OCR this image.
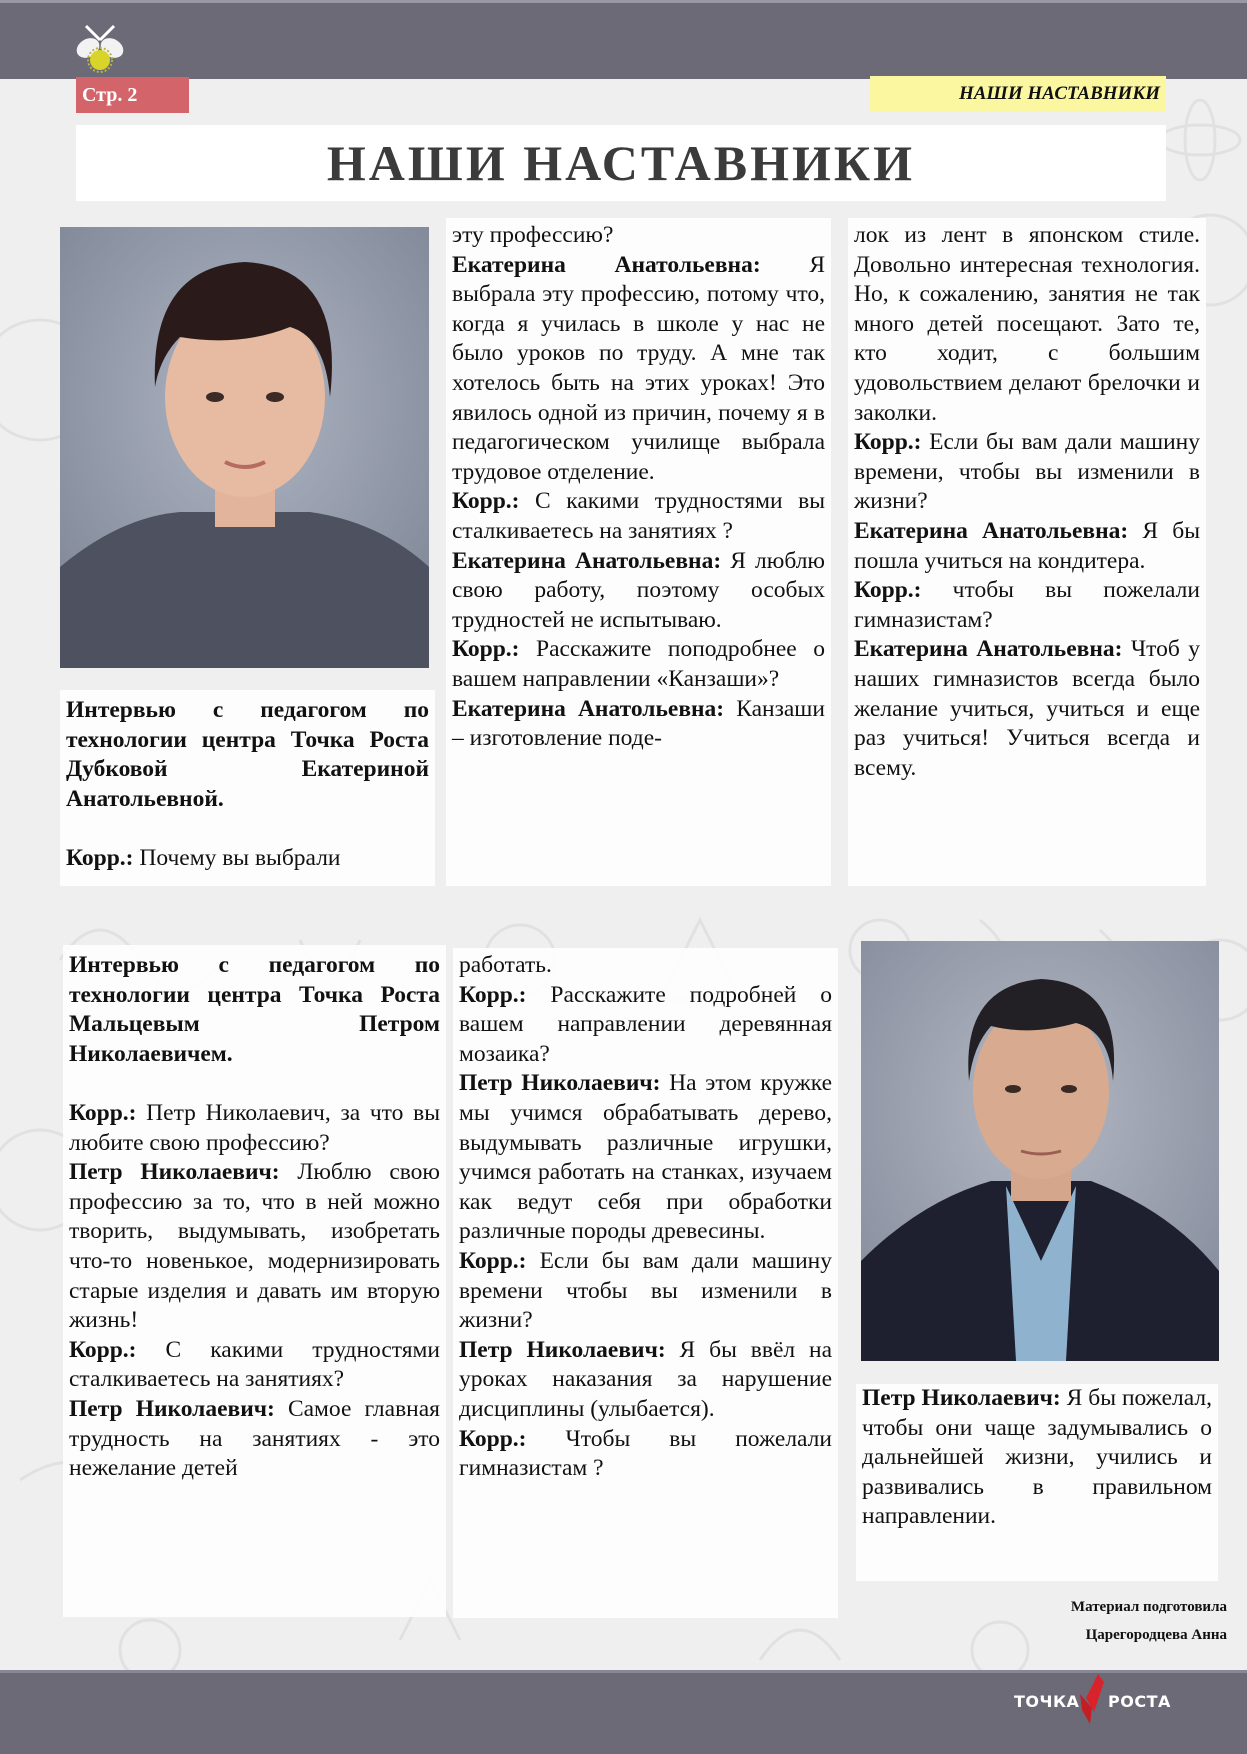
Стр. 2	НАШИ НАСТАВНИКИ
НАШИ НАСТАВНИКИ

Интервью с педагогом по технологии центра Точка Роста Дубковой Екатериной Анатольевной.

Корр.: Почему вы выбрали

эту профессию?

Екатерина Анатольевна: Я выбрала эту профессию, потому что, когда я училась в школе у нас не было уроков по труду. А мне так хотелось быть на этих уроках! Это явилось одной из причин, почему я в педагогическом училище выбрала трудовое отделение.

Корр.: С какими трудностями вы сталкиваетесь на занятиях ?

Екатерина Анатольевна: Я люблю свою работу, поэтому особых трудностей не испытываю.

Корр.: Расскажите поподробнее о вашем направлении «Канзаши»?

Екатерина Анатольевна: Канзаши – изготовление поде-

лок из лент в японском стиле. Довольно интересная технология. Но, к сожалению, занятия не так много детей посещают. Зато те, кто ходит, с большим удовольствием делают брелочки и заколки.

Корр.: Если бы вам дали машину времени, чтобы вы изменили в жизни?

Екатерина Анатольевна: Я бы пошла учиться на кондитера.

Корр.: чтобы вы пожелали гимназистам?

Екатерина Анатольевна: Чтоб у наших гимназистов всегда было желание учиться, учиться и еще раз учиться! Учиться всегда и всему.

Интервью с педагогом по технологии центра Точка Роста Мальцевым Петром Николаевичем.

Корр.: Петр Николаевич, за что вы любите свою профессию?

Петр Николаевич: Люблю свою профессию за то, что в ней можно творить, выдумывать, изобретать что-то новенькое, модернизировать старые изделия и давать им вторую жизнь!

Корр.: С какими трудностями сталкиваетесь на занятиях?

Петр Николаевич: Самое главная трудность на занятиях - это нежелание детей

работать.

Корр.: Расскажите подробней о вашем направлении деревянная мозаика?

Петр Николаевич: На этом кружке мы учимся обрабатывать дерево, выдумывать различные игрушки, учимся работать на станках, изучаем как ведут себя при обработки различные породы древесины.

Корр.: Если бы вам дали машину времени чтобы вы изменили в жизни?

Петр Николаевич: Я бы ввёл на уроках наказания за нарушение дисциплины (улыбается).

Корр.: Чтобы вы пожелали гимназистам ?

Петр Николаевич: Я бы пожелал, чтобы они чаще задумывались о дальнейшей жизни, учились и развивались в правильном направлении.

Материал подготовила
Царегородцева Анна
ТОЧКА РОСТА
